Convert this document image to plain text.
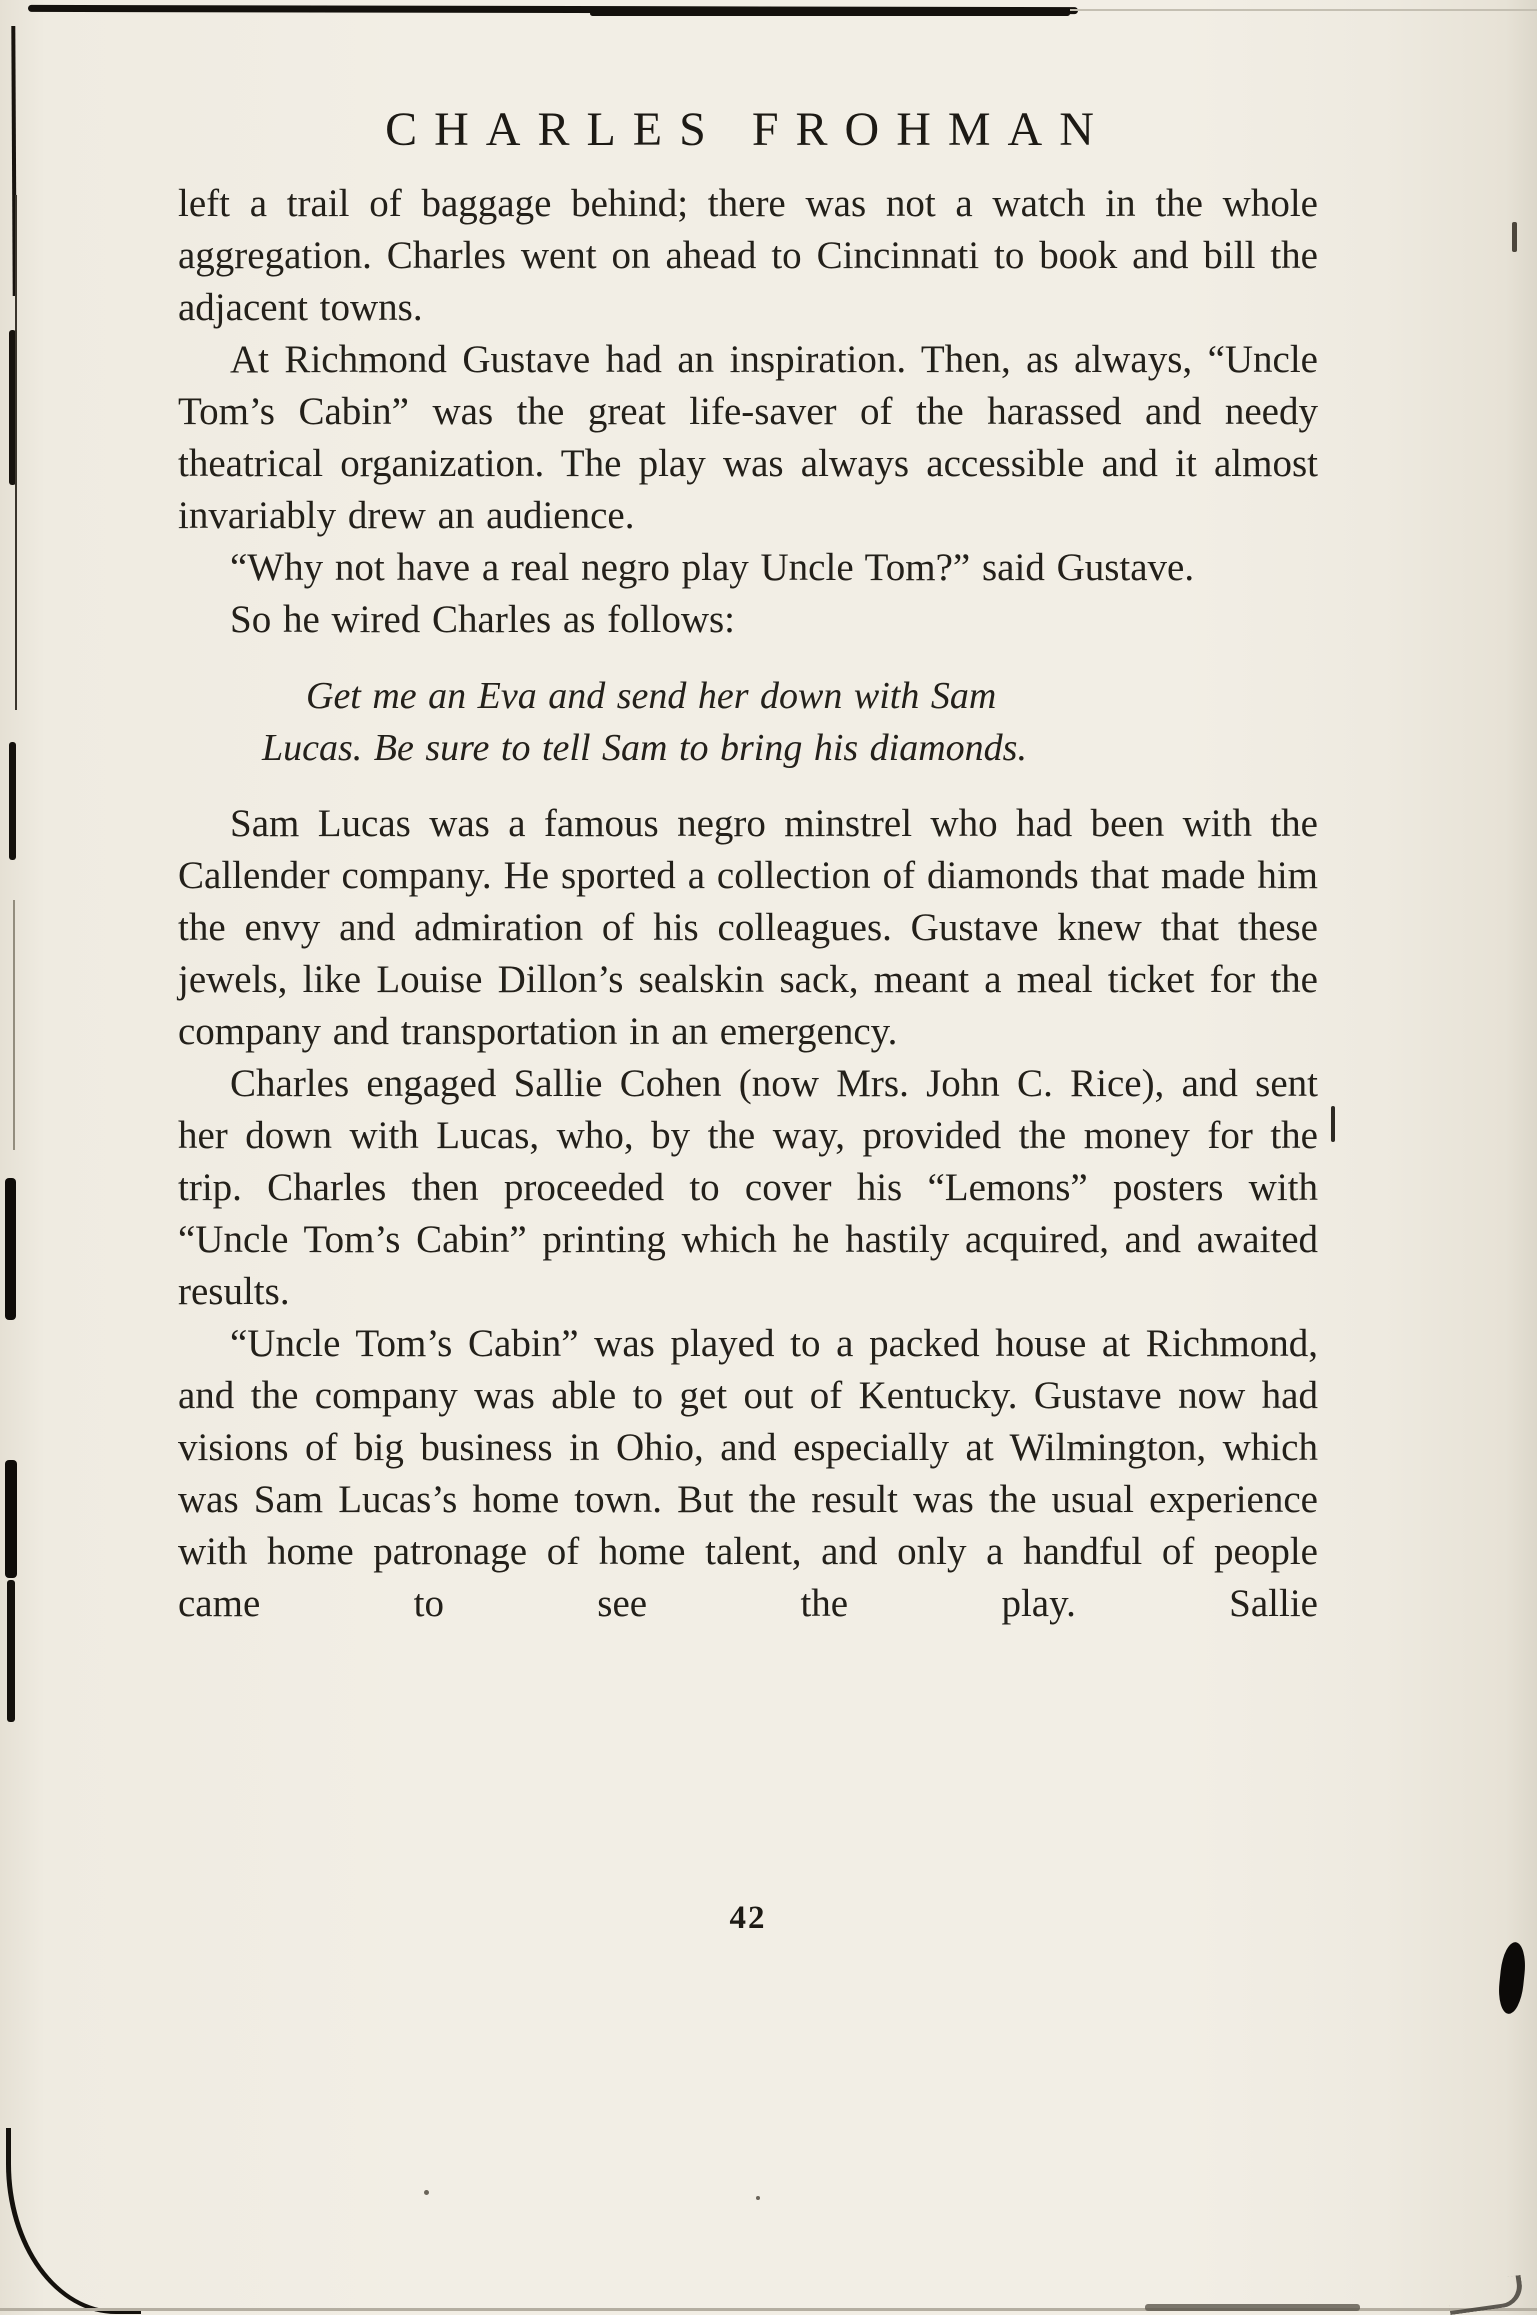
CHARLES FROHMAN

left a trail of baggage behind; there was not a watch in the whole aggregation. Charles went on ahead to Cincinnati to book and bill the adjacent towns.

At Richmond Gustave had an inspiration. Then, as always, “Uncle Tom’s Cabin” was the great life-saver of the harassed and needy theatrical organization. The play was always accessible and it almost invariably drew an audience.

“Why not have a real negro play Uncle Tom?” said Gustave.

So he wired Charles as follows:

Get me an Eva and send her down with Sam
Lucas. Be sure to tell Sam to bring his diamonds.

Sam Lucas was a famous negro minstrel who had been with the Callender company. He sported a collection of diamonds that made him the envy and admiration of his colleagues. Gustave knew that these jewels, like Louise Dillon’s sealskin sack, meant a meal ticket for the company and transportation in an emergency.

Charles engaged Sallie Cohen (now Mrs. John C. Rice), and sent her down with Lucas, who, by the way, provided the money for the trip. Charles then proceeded to cover his “Lemons” posters with “Uncle Tom’s Cabin” printing which he hastily acquired, and awaited results.

“Uncle Tom’s Cabin” was played to a packed house at Richmond, and the company was able to get out of Kentucky. Gustave now had visions of big business in Ohio, and especially at Wilmington, which was Sam Lucas’s home town. But the result was the usual experience with home patronage of home talent, and only a handful of people came to see the play. Sallie

42
